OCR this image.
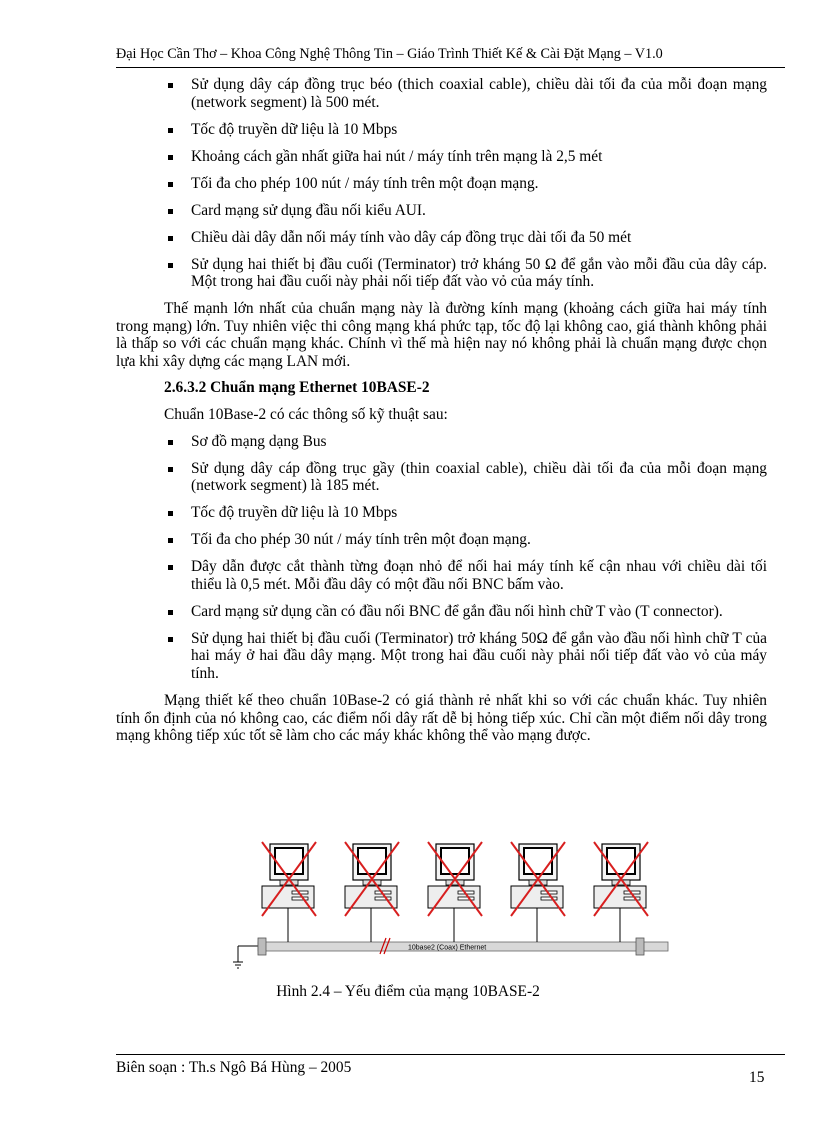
Đại Học Cần Thơ – Khoa Công Nghệ Thông Tin – Giáo Trình Thiết Kế & Cài Đặt Mạng – V1.0
Sử dụng dây cáp đồng trục béo (thich coaxial cable), chiều dài tối đa của mỗi đoạn mạng (network segment) là 500 mét.
Tốc độ truyền dữ liệu là 10 Mbps
Khoảng cách gần nhất giữa hai nút / máy tính trên mạng là 2,5 mét
Tối đa cho phép 100 nút / máy tính trên một đoạn mạng.
Card mạng sử dụng đầu nối kiểu AUI.
Chiều dài dây dẫn nối máy tính vào dây cáp đồng trục dài tối đa 50 mét
Sử dụng hai thiết bị đầu cuối (Terminator) trở kháng 50 Ω để gắn vào mỗi đầu của dây cáp. Một trong hai đầu cuối này phải nối tiếp đất vào vỏ của máy tính.

Thế mạnh lớn nhất của chuẩn mạng này là đường kính mạng (khoảng cách giữa hai máy tính trong mạng) lớn. Tuy nhiên việc thi công mạng khá phức tạp, tốc độ lại không cao, giá thành không phải là thấp so với các chuẩn mạng khác. Chính vì thế mà hiện nay nó không phải là chuẩn mạng được chọn lựa khi xây dựng các mạng LAN mới.

2.6.3.2 Chuẩn mạng Ethernet 10BASE-2
Chuẩn 10Base-2 có các thông số kỹ thuật sau:
Sơ đồ mạng dạng Bus
Sử dụng dây cáp đồng trục gầy (thin coaxial cable), chiều dài tối đa của mỗi đoạn mạng (network segment) là 185 mét.
Tốc độ truyền dữ liệu là 10 Mbps
Tối đa cho phép 30 nút / máy tính trên một đoạn mạng.
Dây dẫn được cắt thành từng đoạn nhỏ để nối hai máy tính kế cận nhau với chiều dài tối thiểu là 0,5 mét. Mỗi đầu dây có một đầu nối BNC bấm vào.
Card mạng sử dụng cần có đầu nối BNC để gắn đầu nối hình chữ T vào (T connector).
Sử dụng hai thiết bị đầu cuối (Terminator) trở kháng 50Ω để gắn vào đầu nối hình chữ T của hai máy ở hai đầu dây mạng. Một trong hai đầu cuối này phải nối tiếp đất vào vỏ của máy tính.

Mạng thiết kế theo chuẩn 10Base-2 có giá thành rẻ nhất khi so với các chuẩn khác. Tuy nhiên tính ổn định của nó không cao, các điểm nối dây rất dễ bị hỏng tiếp xúc. Chỉ cần một điểm nối dây trong mạng không tiếp xúc tốt sẽ làm cho các máy khác không thể vào mạng được.

10base2 (Coax) Ethernet
Hình 2.4 – Yếu điểm của mạng 10BASE-2
Biên soạn : Th.s Ngô Bá Hùng – 2005
15
